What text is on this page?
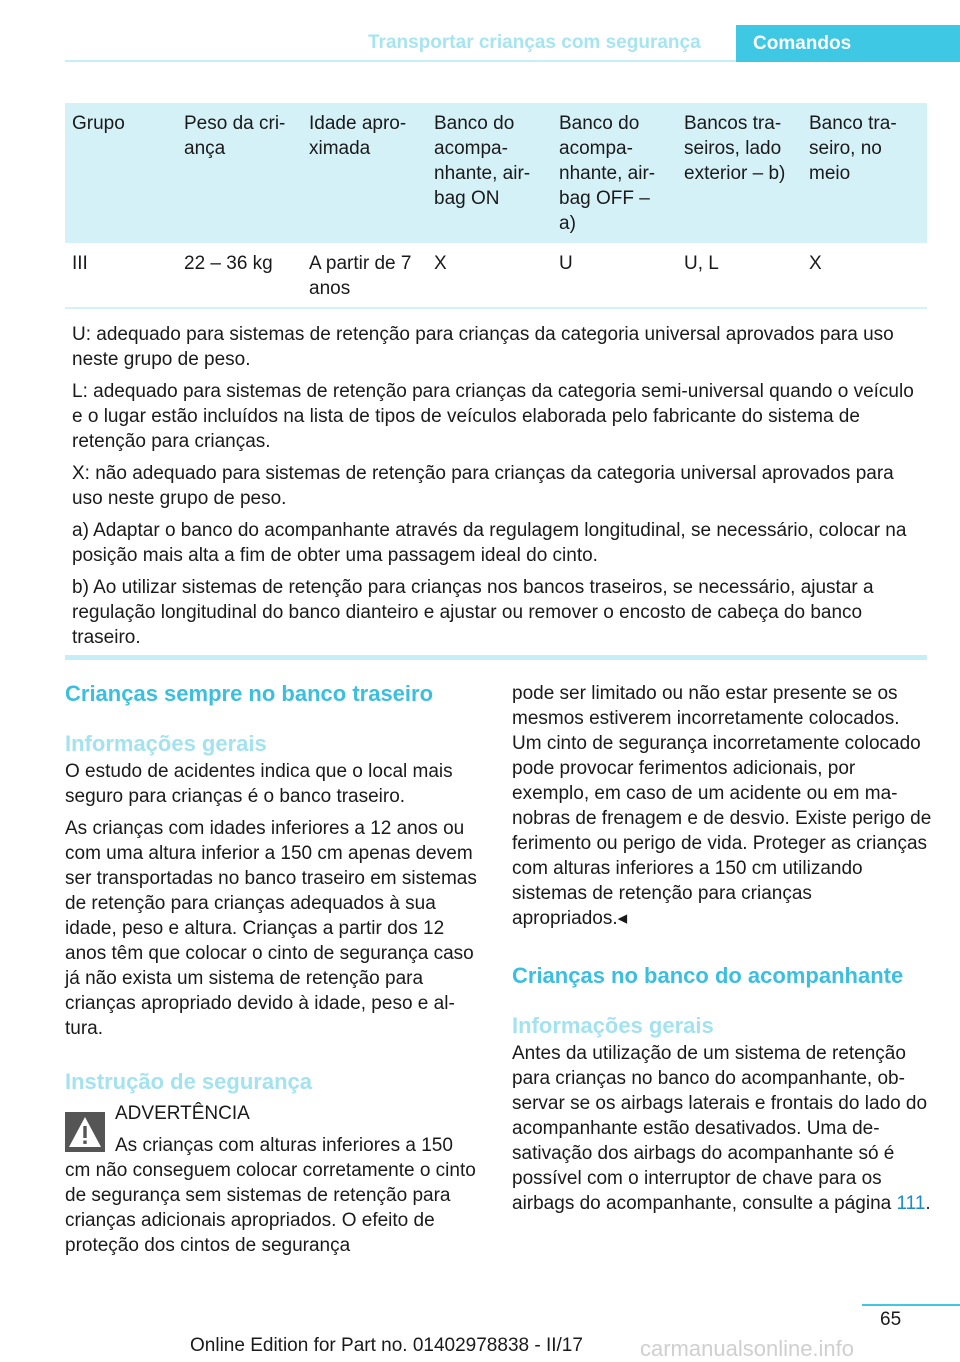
Transportar crianças com segurança	Comandos
Grupo	Peso da cri-ança	Idade apro-ximada	Banco do acompa-nhante, air-bag ON	Banco do acompa-nhante, air-bag OFF – a)	Bancos tra-seiros, lado exterior – b)	Banco tra-seiro, no meio
III	22 – 36 kg	A partir de 7 anos	X	U	U, L	X

U: adequado para sistemas de retenção para crianças da categoria universal aprovados para uso neste grupo de peso.

L: adequado para sistemas de retenção para crianças da categoria semi-universal quando o veículo e o lugar estão incluídos na lista de tipos de veículos elaborada pelo fabricante do sistema de retenção para crianças.

X: não adequado para sistemas de retenção para crianças da categoria universal aprovados para uso neste grupo de peso.

a) Adaptar o banco do acompanhante através da regulagem longitudinal, se necessário, colocar na posição mais alta a fim de obter uma passagem ideal do cinto.

b) Ao utilizar sistemas de retenção para crianças nos bancos traseiros, se necessário, ajustar a regulação longitudinal do banco dianteiro e ajustar ou remover o encosto de cabeça do banco traseiro.

Crianças sempre no banco traseiro
Informações gerais

O estudo de acidentes indica que o local mais seguro para crianças é o banco traseiro.

As crianças com idades inferiores a 12 anos ou com uma altura inferior a 150 cm apenas devem ser transportadas no banco traseiro em sistemas de retenção para crianças adequados à sua idade, peso e altura. Crianças a partir dos 12 anos têm que colocar o cinto de segurança caso já não exista um sistema de retenção para crianças apropriado devido à idade, peso e altura.

Instrução de segurança
ADVERTÊNCIA

As crianças com alturas inferiores a 150 cm não conseguem colocar corretamente o cinto de segurança sem sistemas de retenção para crianças adicionais apropriados. O efeito de proteção dos cintos de segurança

pode ser limitado ou não estar presente se os mesmos estiverem incorretamente colocados. Um cinto de segurança incorretamente colocado pode provocar ferimentos adicionais, por exemplo, em caso de um acidente ou em manobras de frenagem e de desvio. Existe perigo de ferimento ou perigo de vida. Proteger as crianças com alturas inferiores a 150 cm utilizando sistemas de retenção para crianças apropriados.◂

Crianças no banco do acompanhante
Informações gerais

Antes da utilização de um sistema de retenção para crianças no banco do acompanhante, observar se os airbags laterais e frontais do lado do acompanhante estão desativados. Uma desativação dos airbags do acompanhante só é possível com o interruptor de chave para os airbags do acompanhante, consulte a página 111.

65
Online Edition for Part no. 01402978838 - II/17	carmanualsonline.info
